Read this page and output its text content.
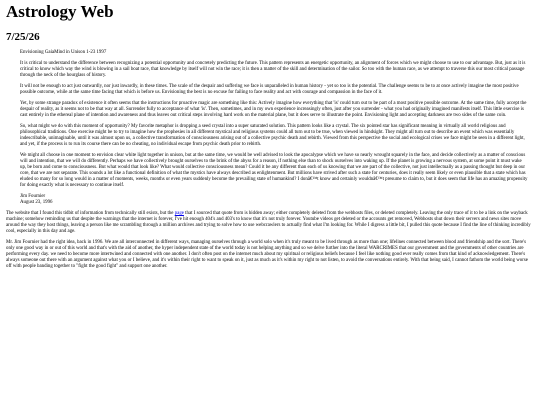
Astrology Web
7/25/26

Envisioning GaiaMind in Unison 1-23 1997

It is critical to understand the difference between recognizing a potential opportunity and concretely predicting the future. This pattern represents an energetic opportunity, an alignment of forces which we might choose to use to our advantage. But, just as it is critical to know which way the wind is blowing in a sail boat race, that knowledge by itself will not win the race; it is then a matter of the skill and determination of the sailor. So too with the human race, as we attempt to traverse this our most critical passage through the neck of the hourglass of history.

It will not be enough to act just outwardly, nor just inwardly, in these times. The scale of the despair and suffering we face is unparalleled in human history - yet so too is the potential. The challenge seems to be to at once actively imagine the most positive possible outcome, while at the same time facing that which is before us. Envisioning the best is no excuse for failing to face reality and act with courage and compassion in the face of it.

Yet, by some strange paradox of existence it often seems that the instructions for proactive magic are something like this: Actively imagine how everything that 'is' could turn out to be part of a most positive possible outcome. At the same time, fully accept the despair of reality, as it seems not to be that way at all. Surrender fully to acceptance of what 'is'. Then, sometimes, and in my own experience increasingly often, just after you surrender - what you had originally imagined manifests itself. This little exercise is cast entirely in the ethereal plane of intention and awareness and thus leaves out critical steps involving hard work on the material plane, but it does serve to illustrate the point. Envisioning light and accepting darkness are two sides of the same coin.

So, what might we do with this moment of opportunity? My favorite metaphor is dropping a seed crystal into a super saturated solution. This pattern looks like a crystal. The six pointed star has significant meaning in virtually all world religious and philosophical traditions. One exercise might be to try to imagine how the prophesies in all different mystical and religious systems could all turn out to be true, when viewed in hindsight. They might all turn out to describe an event which was essentially indescribable, unimaginable, until it was almost upon us, a collective transformation of consciousness arising out of a collective psychic death and rebirth. Viewed from this perspective the social and ecological crises we face might be seen in a different light, and yet, if the process is to run its course there can be no cheating, no individual escape from psychic death prior to rebirth.

We might all choose in one moment to envision clear white light together in unison, but at the same time, we would be well advised to look the apocalypse which we have so nearly wrought squarely in the face, and decide collectively as a matter of conscious will and intention, that we will do differently. Perhaps we have collectively brought ourselves to the brink of the abyss for a reason, if nothing else than to shock ourselves into waking up. If the planet is growing a nervous system, at some point it must wake up, be born and come to consciousness. But what would that look like? What would collective consciousness mean? Could it be any different than each of us knowing that we are part of the collective, not just intellectually as a passing thought but deep in our core, that we are not separate. This sounds a lot like a functional definition of what the mystics have always described as enlightenment. But millions have strived after such a state for centuries, does it really seem likely or even plausible that a state which has eluded so many for so long would in a matter of moments, weeks, months or even years suddenly become the prevailing state of humankind? I donâ€™t know and certainly wouldnâ€™t presume to claim to, but it does seem that life has an amazing propensity for doing exactly what is necessary to continue itself.

Jim Fournier
August 23, 1996

The website that I found this tidbit of information from technically still exists, but the page that I sourced that quote from is hidden away; either completely deleted from the webhosts files, or deleted completely. Leaving the only trace of it to be a link on the wayback machine; somehow reminding us that despite the warnings that the internet is forever, I've hit enough 404's and 403's to know that it's not truly forever. Youtube videos get deleted or the accounts get removed, Webhosts shut down their servers and news sites move around the way they host things, leaving a person like me scrambling through a million archives and trying to solve how to use webcrawlers to actually find what I'm looking for. While I digress a little bit, I pulled this quote because I find the line of thinking incredibly cool, especially in this day and age.

Mr. Jim Fournier had the right idea, back in 1996. We are all interconnected in different ways, managing ourselves through a world solo when it's truly meant to be lived through as more than one; lifelines connected between blood and friendship and the sort. There's only one good way in or out of this world and that's with the aid of another, the hyper independent state of the world today is not helping anything and so we delve further into the literal WARCRIMES that our government and the governments of other countries are performing every day. we need to become more intertwined and connected with one another. I don't often post on the internet much about my spiritual or religious beliefs because I feel like nothing good ever really comes from that kind of acknowledgement. There's always someone out there with an argument against what you or I believe, and it's within their right to want to speak on it, just as much as it's within my right to not listen, to avoid the conversations entirely. With that being said, I cannot fathom the world being worse off with people banding together to "fight the good fight" and support one another.
